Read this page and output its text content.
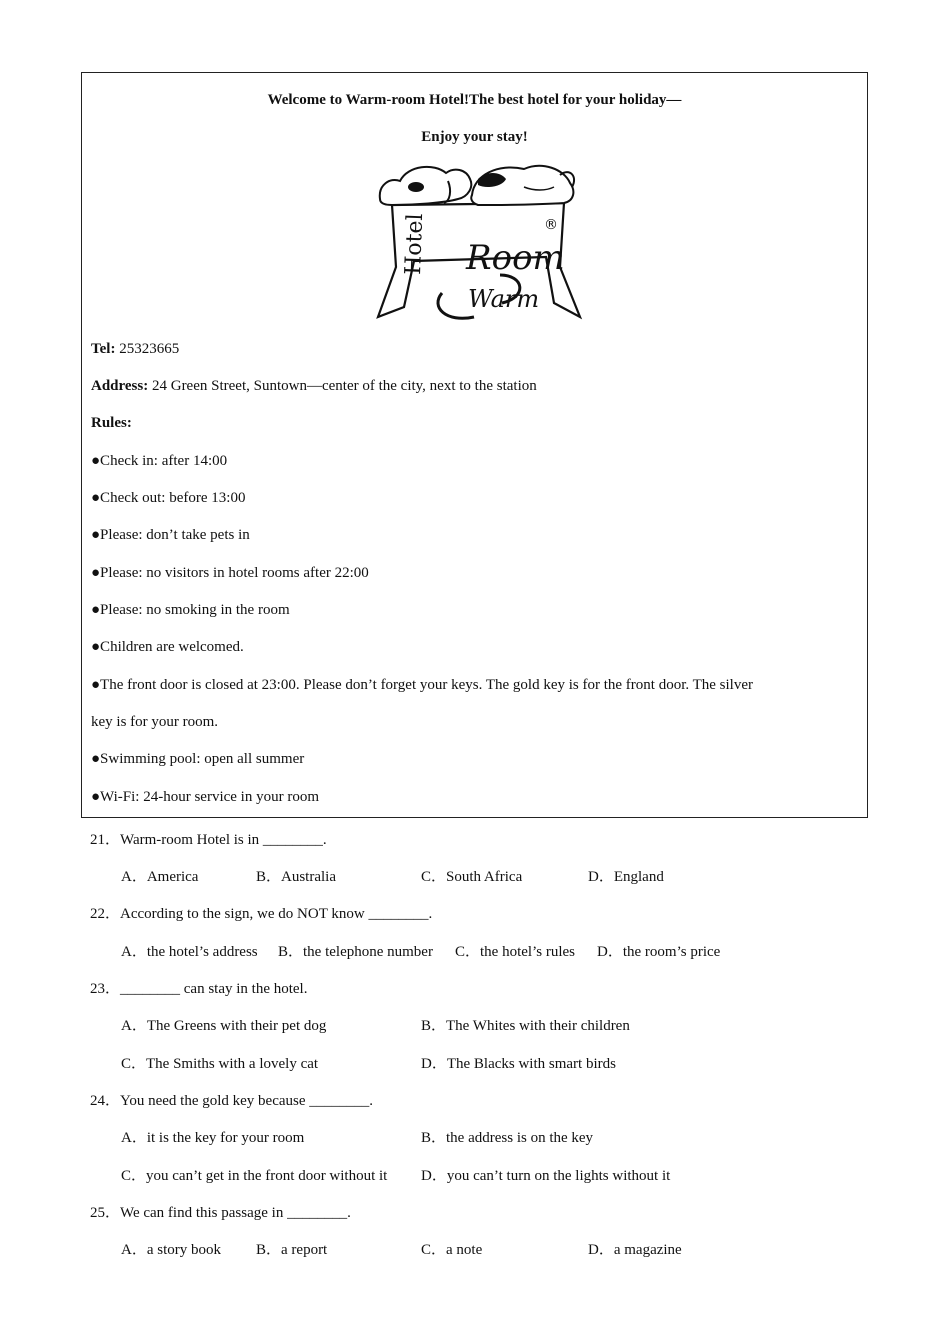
Welcome to Warm-room Hotel!The best hotel for your holiday—
Enjoy your stay!
Hotel Room
Warm
®
Tel: 25323665
Address: 24 Green Street, Suntown—center of the city, next to the station
Rules:
●Check in: after 14:00
●Check out: before 13:00
●Please: don’t take pets in
●Please: no visitors in hotel rooms after 22:00
●Please: no smoking in the room
●Children are welcomed.
●The front door is closed at 23:00. Please don’t forget your keys. The gold key is for the front door. The silver
key is for your room.
●Swimming pool: open all summer
●Wi-Fi: 24-hour service in your room
21．Warm-room Hotel is in ________.
A．America	B．Australia	C．South Africa	D．England
22．According to the sign, we do NOT know ________.
A．the hotel’s address B．the telephone number C．the hotel’s rules D．the room’s price
23．________ can stay in the hotel.
A．The Greens with their pet dog	B．The Whites with their children
C．The Smiths with a lovely cat	D．The Blacks with smart birds
24．You need the gold key because ________.
A．it is the key for your room	B．the address is on the key
C．you can’t get in the front door without it D．you can’t turn on the lights without it
25．We can find this passage in ________.
A．a story book B．a report	C．a note	D．a magazine
